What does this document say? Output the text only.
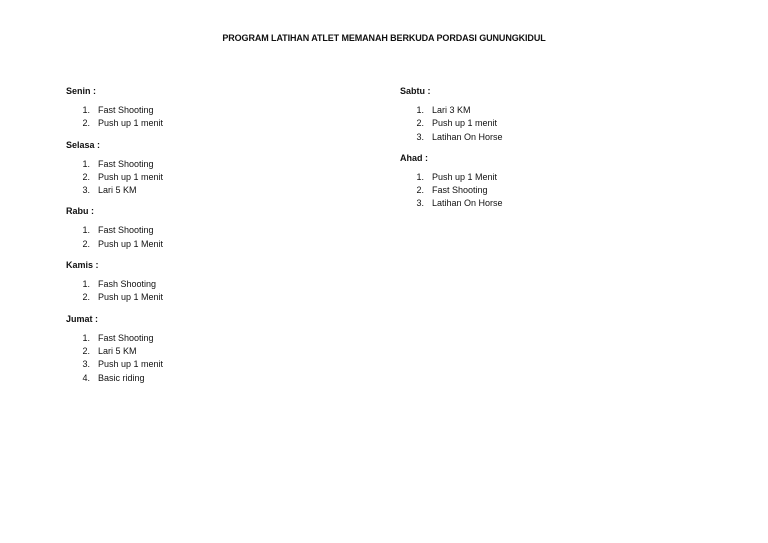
PROGRAM LATIHAN ATLET MEMANAH BERKUDA PORDASI GUNUNGKIDUL
Senin :
1. Fast Shooting
2. Push up 1 menit
Selasa :
1. Fast Shooting
2. Push up 1 menit
3. Lari 5 KM
Rabu :
1. Fast Shooting
2. Push up 1 Menit
Kamis :
1. Fash Shooting
2. Push up 1 Menit
Jumat :
1. Fast Shooting
2. Lari 5 KM
3. Push up 1 menit
4. Basic riding
Sabtu :
1. Lari 3 KM
2. Push up 1 menit
3. Latihan On Horse
Ahad :
1. Push up 1 Menit
2. Fast Shooting
3. Latihan On Horse
